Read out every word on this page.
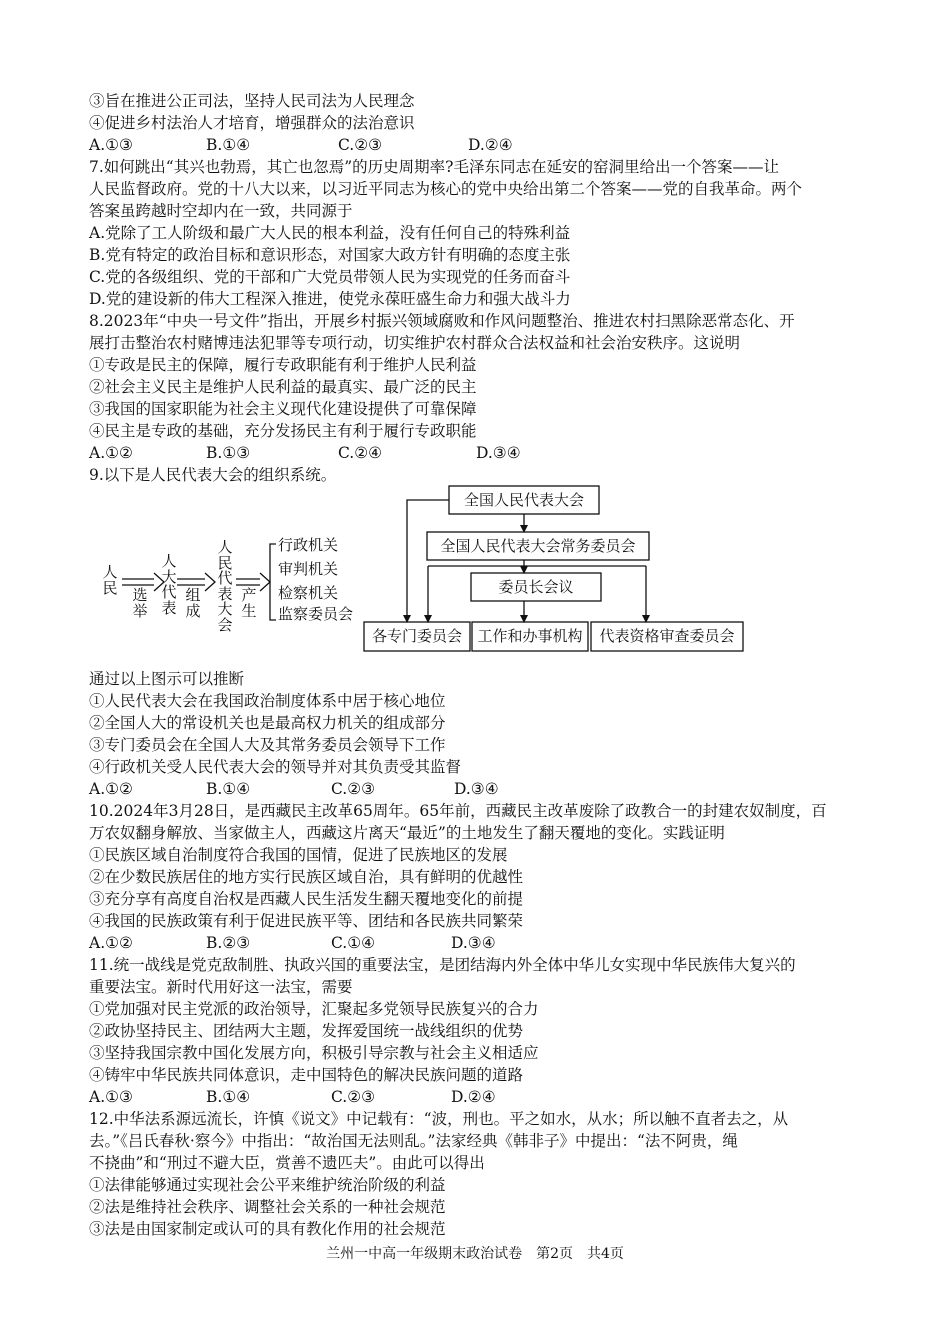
③旨在推进公正司法，坚持人民司法为人民理念
④促进乡村法治人才培育，增强群众的法治意识
A.①③	B.①④	C.②③	D.②④
7.如何跳出“其兴也勃焉，其亡也忽焉”的历史周期率?毛泽东同志在延安的窑洞里给出一个答案——让
人民监督政府。党的十八大以来，以习近平同志为核心的党中央给出第二个答案——党的自我革命。两个
答案虽跨越时空却内在一致，共同源于
A.党除了工人阶级和最广大人民的根本利益，没有任何自己的特殊利益
B.党有特定的政治目标和意识形态，对国家大政方针有明确的态度主张
C.党的各级组织、党的干部和广大党员带领人民为实现党的任务而奋斗
D.党的建设新的伟大工程深入推进，使党永葆旺盛生命力和强大战斗力
8.2023年“中央一号文件”指出，开展乡村振兴领域腐败和作风问题整治、推进农村扫黑除恶常态化、开
展打击整治农村赌博违法犯罪等专项行动，切实维护农村群众合法权益和社会治安秩序。这说明
①专政是民主的保障，履行专政职能有利于维护人民利益
②社会主义民主是维护人民利益的最真实、最广泛的民主
③我国的国家职能为社会主义现代化建设提供了可靠保障
④民主是专政的基础，充分发扬民主有利于履行专政职能
A.①②	B.①③	C.②④	D.③④
9.以下是人民代表大会的组织系统。
人民 选举
人大代表
组成
人民代表大会
产生
行政机关
审判机关
检察机关
监察委员会
全国人民代表大会
全国人民代表大会常务委员会
委员长会议
各专门委员会	工作和办事机构	代表资格审查委员会
通过以上图示可以推断
①人民代表大会在我国政治制度体系中居于核心地位
②全国人大的常设机关也是最高权力机关的组成部分
③专门委员会在全国人大及其常务委员会领导下工作
④行政机关受人民代表大会的领导并对其负责受其监督
A.①②	B.①④	C.②③	D.③④
10.2024年3月28日，是西藏民主改革65周年。65年前，西藏民主改革废除了政教合一的封建农奴制度，百
万农奴翻身解放、当家做主人，西藏这片离天“最近”的土地发生了翻天覆地的变化。实践证明
①民族区域自治制度符合我国的国情，促进了民族地区的发展
②在少数民族居住的地方实行民族区域自治，具有鲜明的优越性
③充分享有高度自治权是西藏人民生活发生翻天覆地变化的前提
④我国的民族政策有利于促进民族平等、团结和各民族共同繁荣
A.①②	B.②③	C.①④	D.③④
11.统一战线是党克敌制胜、执政兴国的重要法宝，是团结海内外全体中华儿女实现中华民族伟大复兴的
重要法宝。新时代用好这一法宝，需要
①党加强对民主党派的政治领导，汇聚起多党领导民族复兴的合力
②政协坚持民主、团结两大主题，发挥爱国统一战线组织的优势
③坚持我国宗教中国化发展方向，积极引导宗教与社会主义相适应
④铸牢中华民族共同体意识，走中国特色的解决民族问题的道路
A.①③	B.①④	C.②③	D.②④
12.中华法系源远流长，许慎《说文》中记载有：“波，刑也。平之如水，从水；所以触不直者去之，从
去。”《吕氏春秋·察今》中指出：“故治国无法则乱。”法家经典《韩非子》中提出：“法不阿贵，绳
不挠曲”和“刑过不避大臣，赏善不遗匹夫”。由此可以得出
①法律能够通过实现社会公平来维护统治阶级的利益
②法是维持社会秩序、调整社会关系的一种社会规范
③法是由国家制定或认可的具有教化作用的社会规范
兰州一中高一年级期末政治试卷　第2页　共4页
